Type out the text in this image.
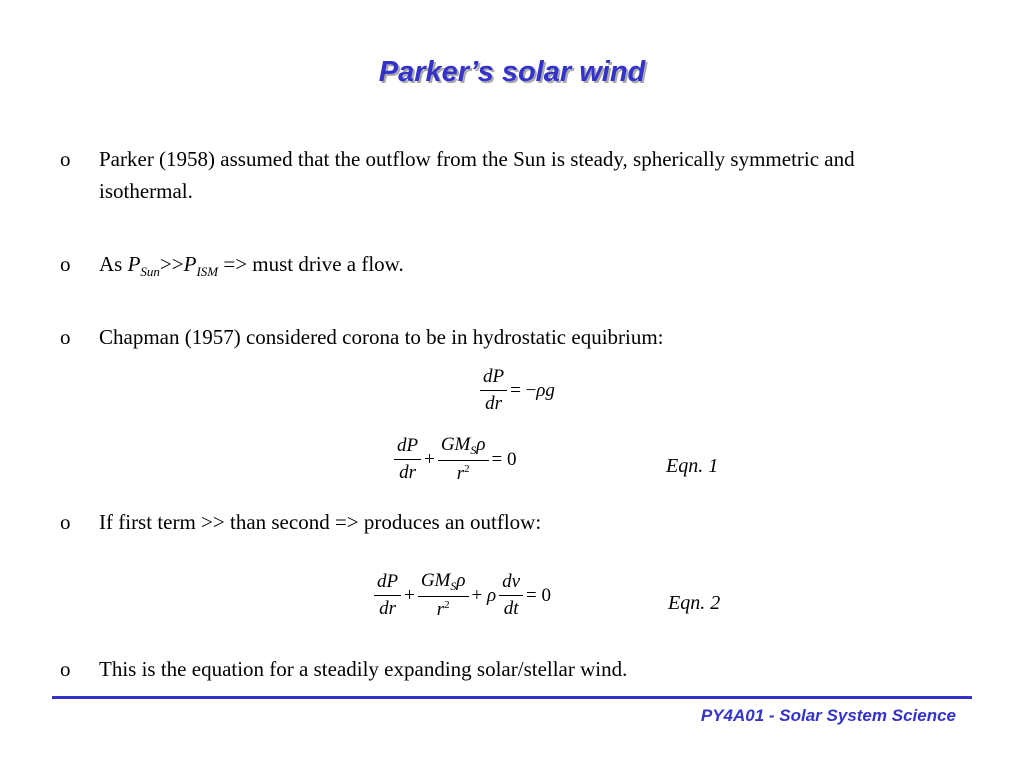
Parker’s solar wind
o Parker (1958) assumed that the outflow from the Sun is steady, spherically symmetric and isothermal.
o As $P_{Sun}>>P_{ISM}$ => must drive a flow.
o Chapman (1957) considered corona to be in hydrostatic equibrium:
$\frac{dP}{dr} = -\rho g$
$\frac{dP}{dr} + \frac{GM_S\rho}{r^2} = 0$	Eqn. 1
o If first term >> than second => produces an outflow:
$\frac{dP}{dr} + \frac{GM_S\rho}{r^2} + \rho \frac{dv}{dt} = 0$	Eqn. 2
o This is the equation for a steadily expanding solar/stellar wind.
PY4A01 - Solar System Science
